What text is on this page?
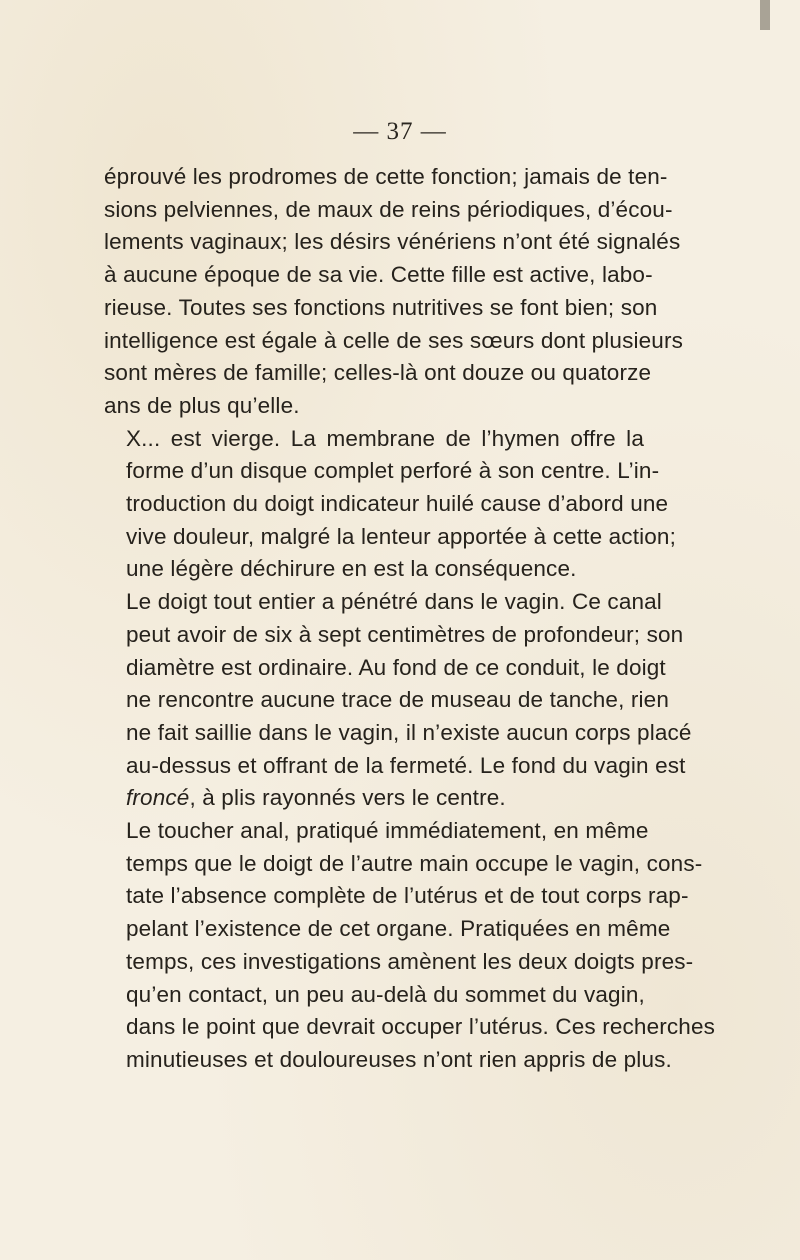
— 37 —

éprouvé les prodromes de cette fonction; jamais de ten-
sions pelviennes, de maux de reins périodiques, d’écou-
lements vaginaux; les désirs vénériens n’ont été signalés
à aucune époque de sa vie. Cette fille est active, labo-
rieuse. Toutes ses fonctions nutritives se font bien; son
intelligence est égale à celle de ses sœurs dont plusieurs
sont mères de famille; celles-là ont douze ou quatorze
ans de plus qu’elle.

X... est vierge. La membrane de l’hymen offre la
forme d’un disque complet perforé à son centre. L’in-
troduction du doigt indicateur huilé cause d’abord une
vive douleur, malgré la lenteur apportée à cette action;
une légère déchirure en est la conséquence.

Le doigt tout entier a pénétré dans le vagin. Ce canal
peut avoir de six à sept centimètres de profondeur; son
diamètre est ordinaire. Au fond de ce conduit, le doigt
ne rencontre aucune trace de museau de tanche, rien
ne fait saillie dans le vagin, il n’existe aucun corps placé
au-dessus et offrant de la fermeté. Le fond du vagin est
froncé, à plis rayonnés vers le centre.

Le toucher anal, pratiqué immédiatement, en même
temps que le doigt de l’autre main occupe le vagin, cons-
tate l’absence complète de l’utérus et de tout corps rap-
pelant l’existence de cet organe. Pratiquées en même
temps, ces investigations amènent les deux doigts pres-
qu’en contact, un peu au-delà du sommet du vagin,
dans le point que devrait occuper l’utérus. Ces recherches
minutieuses et douloureuses n’ont rien appris de plus.
